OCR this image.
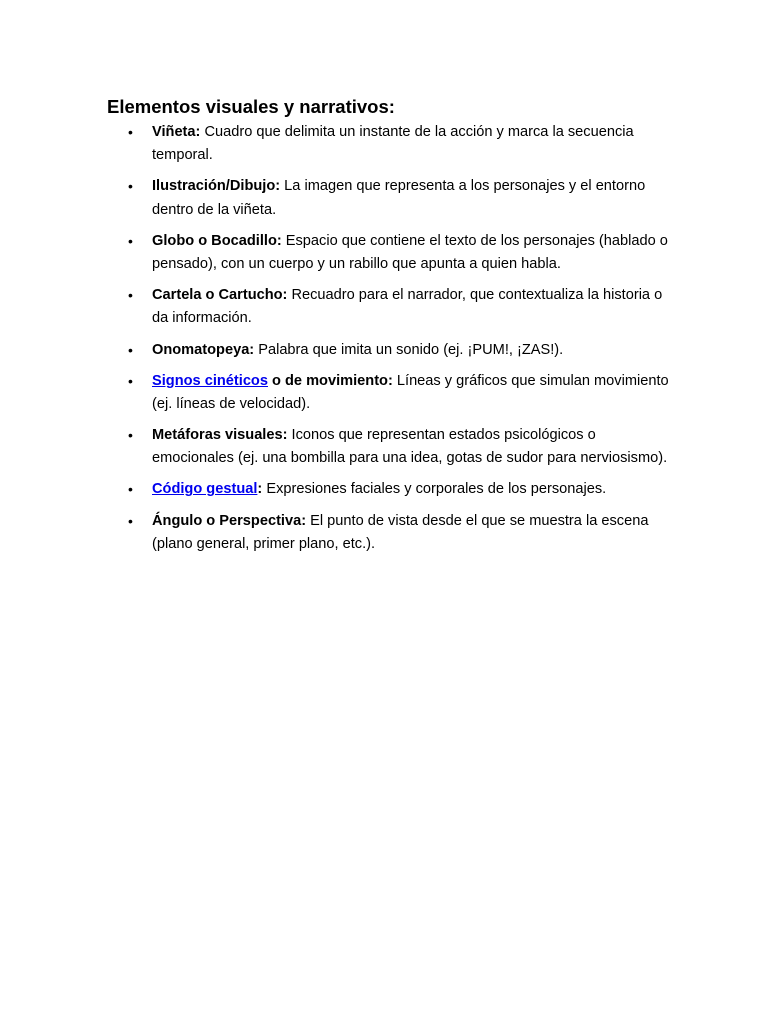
Elementos visuales y narrativos:
• Viñeta: Cuadro que delimita un instante de la acción y marca la secuencia temporal.
• Ilustración/Dibujo: La imagen que representa a los personajes y el entorno dentro de la viñeta.
• Globo o Bocadillo: Espacio que contiene el texto de los personajes (hablado o pensado), con un cuerpo y un rabillo que apunta a quien habla.
• Cartela o Cartucho: Recuadro para el narrador, que contextualiza la historia o da información.
• Onomatopeya: Palabra que imita un sonido (ej. ¡PUM!, ¡ZAS!).
• Signos cinéticos o de movimiento: Líneas y gráficos que simulan movimiento (ej. líneas de velocidad).
• Metáforas visuales: Iconos que representan estados psicológicos o emocionales (ej. una bombilla para una idea, gotas de sudor para nerviosismo).
• Código gestual: Expresiones faciales y corporales de los personajes.
• Ángulo o Perspectiva: El punto de vista desde el que se muestra la escena (plano general, primer plano, etc.).
